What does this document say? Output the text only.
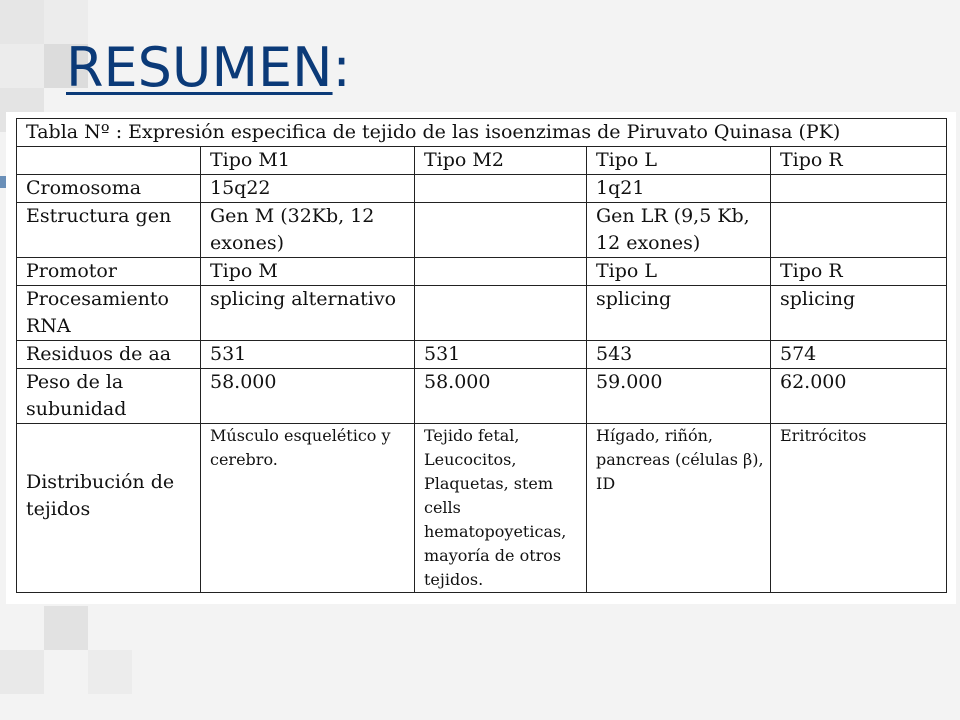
RESUMEN:
Tabla Nº : Expresión especifica de tejido de las isoenzimas de Piruvato Quinasa (PK)				
	Tipo M1	Tipo M2	Tipo L	Tipo R
Cromosoma	15q22		1q21	
Estructura gen	Gen M (32Kb, 12 exones)		Gen LR (9,5 Kb, 12 exones)	
Promotor	Tipo M		Tipo L	Tipo R
Procesamiento RNA	splicing alternativo		splicing	splicing
Residuos de aa	531	531	543	574
Peso de la subunidad	58.000	58.000	59.000	62.000
Distribución de tejidos	Músculo esquelético y cerebro.	Tejido fetal, Leucocitos, Plaquetas, stem cells hematopoyeticas, mayoría de otros tejidos.	Hígado, riñón, pancreas (células β), ID	Eritrócitos
